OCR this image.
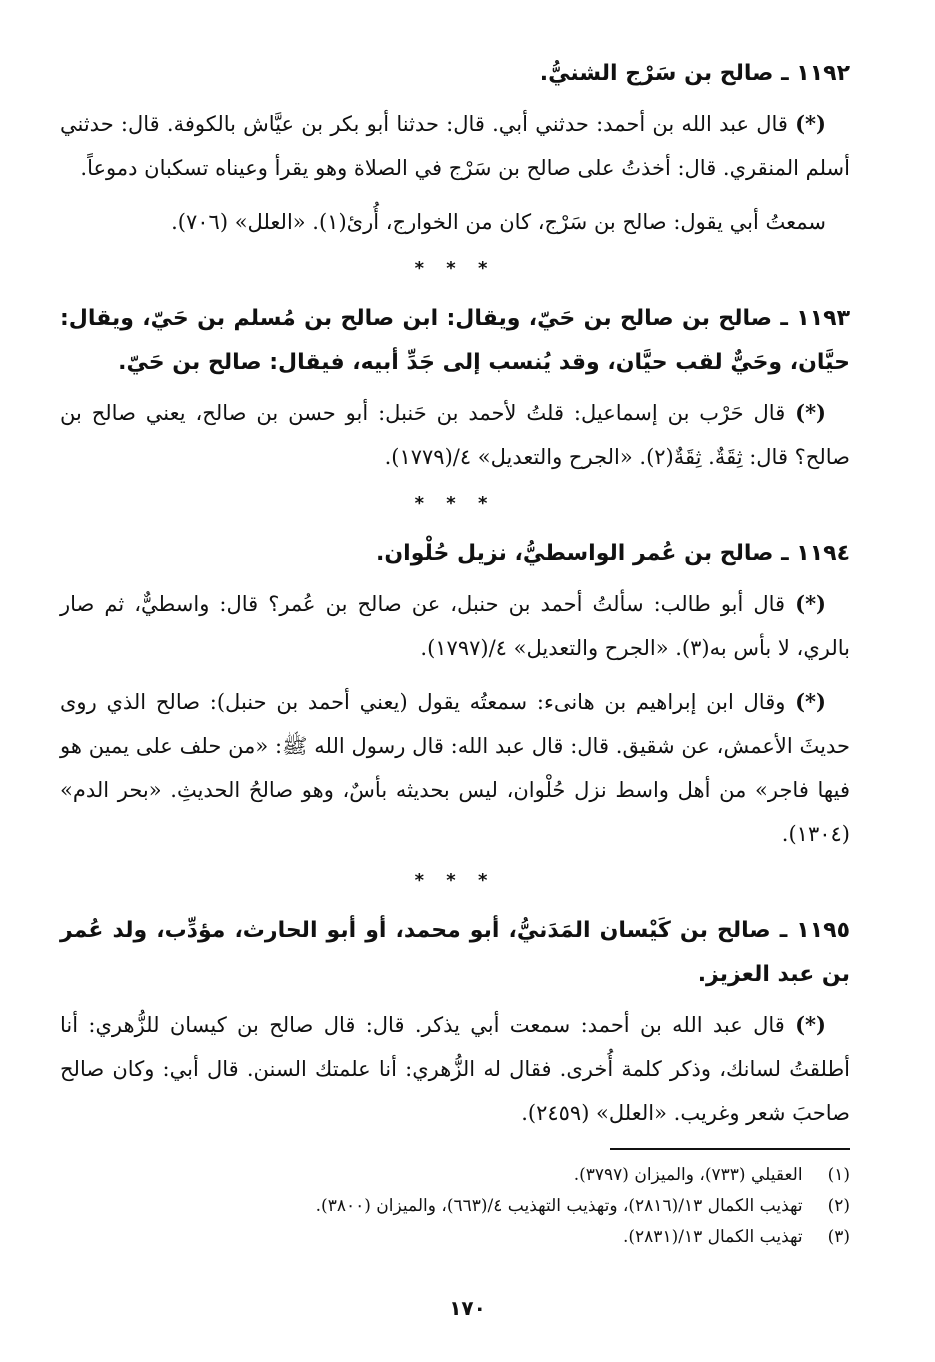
١١٩٢ ـ صالح بن سَرْج الشنيُّ.

(*) قال عبد الله بن أحمد: حدثني أبي. قال: حدثنا أبو بكر بن عيَّاش بالكوفة. قال: حدثني أسلم المنقري. قال: أخذتُ على صالح بن سَرْج في الصلاة وهو يقرأ وعيناه تسكبان دموعاً.

سمعتُ أبي يقول: صالح بن سَرْج، كان من الخوارج، أُرئ(١). «العلل» (٧٠٦).

* * *
١١٩٣ ـ صالح بن صالح بن حَيّ، ويقال: ابن صالح بن مُسلم بن حَيّ، ويقال: حيَّان، وحَيٌّ لقب حيَّان، وقد يُنسب إلى جَدِّ أبيه، فيقال: صالح بن حَيّ.

(*) قال حَرْب بن إسماعيل: قلتُ لأحمد بن حَنبل: أبو حسن بن صالح، يعني صالح بن صالح؟ قال: ثِقَةٌ. ثِقَةٌ(٢). «الجرح والتعديل» ٤/(١٧٧٩).

* * *
١١٩٤ ـ صالح بن عُمر الواسطيُّ، نزيل حُلْوان.

(*) قال أبو طالب: سألتُ أحمد بن حنبل، عن صالح بن عُمر؟ قال: واسطيٌّ، ثم صار بالري، لا بأس به(٣). «الجرح والتعديل» ٤/(١٧٩٧).

(*) وقال ابن إبراهيم بن هانىء: سمعتُه يقول (يعني أحمد بن حنبل): صالح الذي روى حديثَ الأعمش، عن شقيق. قال: قال عبد الله: قال رسول الله ﷺ: «من حلف على يمين هو فيها فاجر» من أهل واسط نزل حُلْوان، ليس بحديثه بأسٌ، وهو صالحُ الحديثِ. «بحر الدم» (١٣٠٤).

* * *
١١٩٥ ـ صالح بن كَيْسان المَدَنيُّ، أبو محمد، أو أبو الحارث، مؤدِّب، ولد عُمر بن عبد العزيز.

(*) قال عبد الله بن أحمد: سمعت أبي يذكر. قال: قال صالح بن كيسان للزُّهري: أنا أطلقتُ لسانك، وذكر كلمة أُخرى. فقال له الزُّهري: أنا علمتك السنن. قال أبي: وكان صالح صاحبَ شعر وغريب. «العلل» (٢٤٥٩).

(١) العقيلي (٧٣٣)، والميزان (٣٧٩٧).
(٢) تهذيب الكمال ١٣/(٢٨١٦)، وتهذيب التهذيب ٤/(٦٦٣)، والميزان (٣٨٠٠).
(٣) تهذيب الكمال ١٣/(٢٨٣١).
١٧٠
